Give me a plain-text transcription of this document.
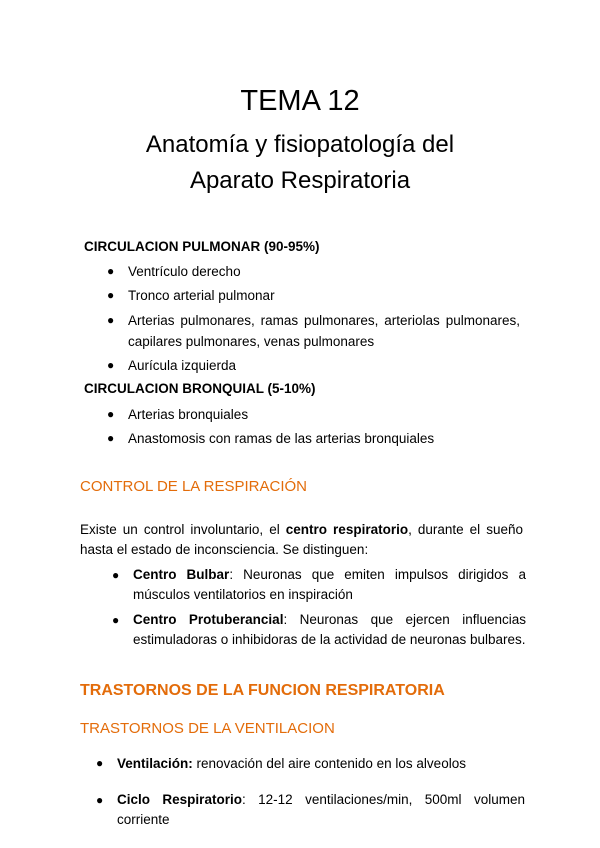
TEMA 12
Anatomía y fisiopatología del
Aparato Respiratoria
CIRCULACION PULMONAR (90-95%)
● Ventrículo derecho
● Tronco arterial pulmonar
● Arterias pulmonares, ramas pulmonares, arteriolas pulmonares, capilares pulmonares, venas pulmonares
● Aurícula izquierda
CIRCULACION BRONQUIAL (5-10%)
● Arterias bronquiales
● Anastomosis con ramas de las arterias bronquiales
CONTROL DE LA RESPIRACIÓN
Existe un control involuntario, el centro respiratorio, durante el sueño hasta el estado de inconsciencia. Se distinguen:
● Centro Bulbar: Neuronas que emiten impulsos dirigidos a músculos ventilatorios en inspiración
● Centro Protuberancial: Neuronas que ejercen influencias estimuladoras o inhibidoras de la actividad de neuronas bulbares.
TRASTORNOS DE LA FUNCION RESPIRATORIA
TRASTORNOS DE LA VENTILACION
● Ventilación: renovación del aire contenido en los alveolos
● Ciclo Respiratorio: 12-12 ventilaciones/min, 500ml volumen corriente
